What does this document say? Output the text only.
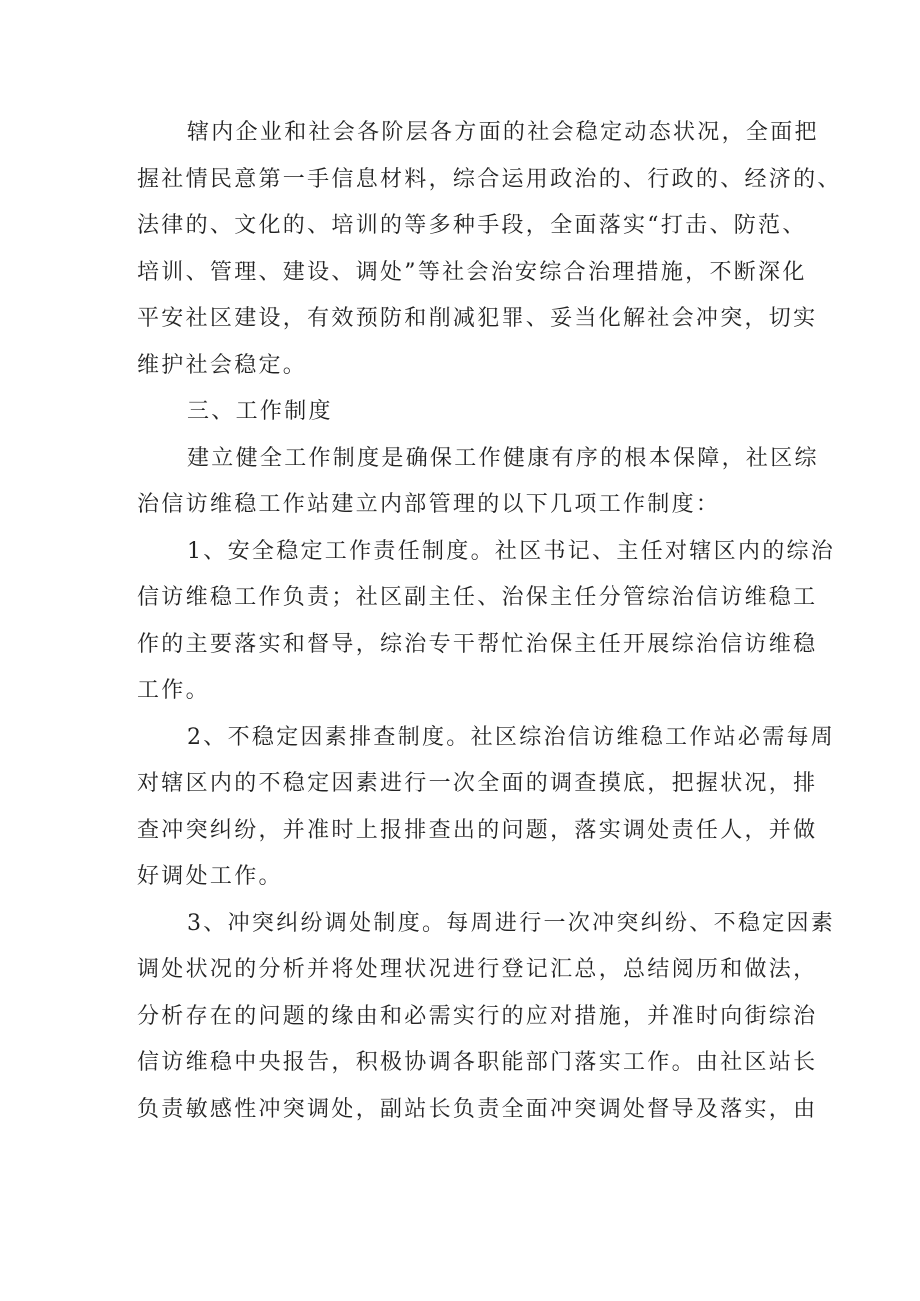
辖内企业和社会各阶层各方面的社会稳定动态状况，全面把
握社情民意第一手信息材料，综合运用政治的、行政的、经济的、
法律的、文化的、培训的等多种手段，全面落实“打击、防范、
培训、管理、建设、调处”等社会治安综合治理措施，不断深化
平安社区建设，有效预防和削减犯罪、妥当化解社会冲突，切实
维护社会稳定。
三、工作制度
建立健全工作制度是确保工作健康有序的根本保障，社区综
治信访维稳工作站建立内部管理的以下几项工作制度：
1、安全稳定工作责任制度。社区书记、主任对辖区内的综治
信访维稳工作负责；社区副主任、治保主任分管综治信访维稳工
作的主要落实和督导，综治专干帮忙治保主任开展综治信访维稳
工作。
2、不稳定因素排查制度。社区综治信访维稳工作站必需每周
对辖区内的不稳定因素进行一次全面的调查摸底，把握状况，排
查冲突纠纷，并准时上报排查出的问题，落实调处责任人，并做
好调处工作。
3、冲突纠纷调处制度。每周进行一次冲突纠纷、不稳定因素
调处状况的分析并将处理状况进行登记汇总，总结阅历和做法，
分析存在的问题的缘由和必需实行的应对措施，并准时向街综治
信访维稳中央报告，积极协调各职能部门落实工作。由社区站长
负责敏感性冲突调处，副站长负责全面冲突调处督导及落实，由
